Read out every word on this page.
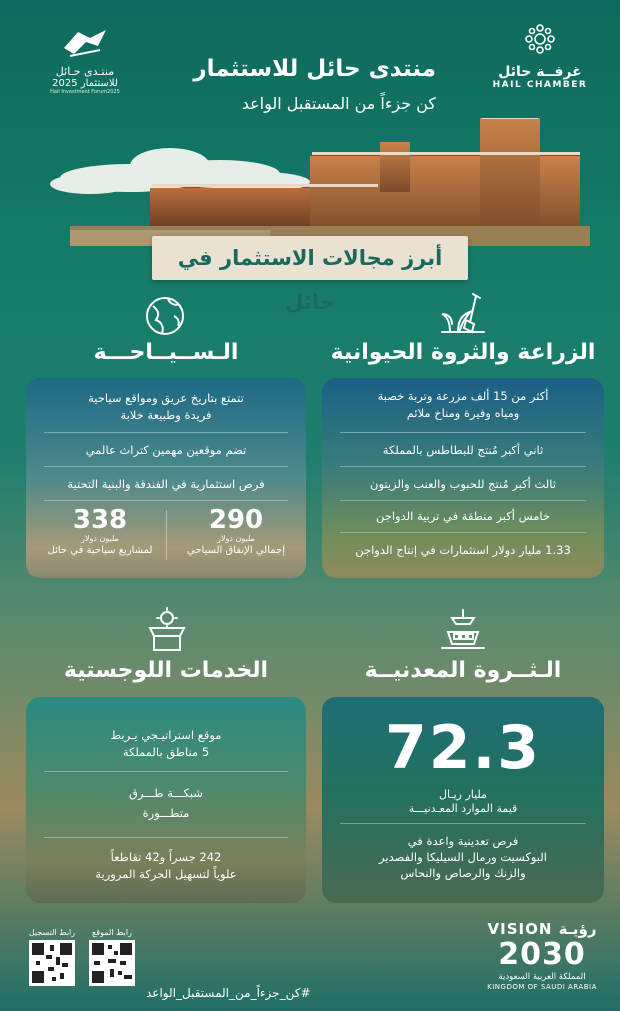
غرفــة حائل
HAIL CHAMBER
منتـدى حـائل
للاستثمار 2025
Hail Investment Forum2025
منتدى حائل للاستثمار
كن جزءاً من المستقبل الواعد
أبرز مجالات الاستثمار في حائل
الزراعة والثروة الحيوانية
أكثر من 15 ألف مزرعة وتربة خصبة
ومياه وفيرة ومناخ ملائم
ثاني أكبر مُنتج للبطاطس بالمملكة
ثالث أكبر مُنتج للحبوب والعنب والزيتون
خامس أكبر منطقة في تربية الدواجن
1.33 مليار دولار استثمارات في إنتاج الدواجن
الـســيــاحـــة
تتمتع بتاريخ عريق ومواقع سياحية
فريدة وطبيعة خلابة
تضم موقعين مهمين كتراث عالمي
فرص استثمارية في الفندقة والبنية التحتية
290
مليون دولار
إجمالي الإنفاق السياحي
338
مليون دولار
لمشاريع سياحية في حائل
الـثــروة المعدنيــة
72.3
مليار ريـال
قيمة الموارد المعـدنيـــة
فرص تعدينية واعدة في
البوكسيت ورمال السيليكا والفصدير
والزنك والرصاص والنحاس
الخدمات اللوجستية
موقع استراتيـجي يـربط
5 مناطق بالمملكة
شبكـــة طـــرق
متطـــورة
242 جسراً و42 تقاطعاً
علوياً لتسهيل الحركة المرورية
رابط الموقع
رابط التسجيل
#كن_جزءاً_من_المستقبل_الواعد
VISION رؤيـة
2030
المملكة العربية السعودية
KINGDOM OF SAUDI ARABIA
